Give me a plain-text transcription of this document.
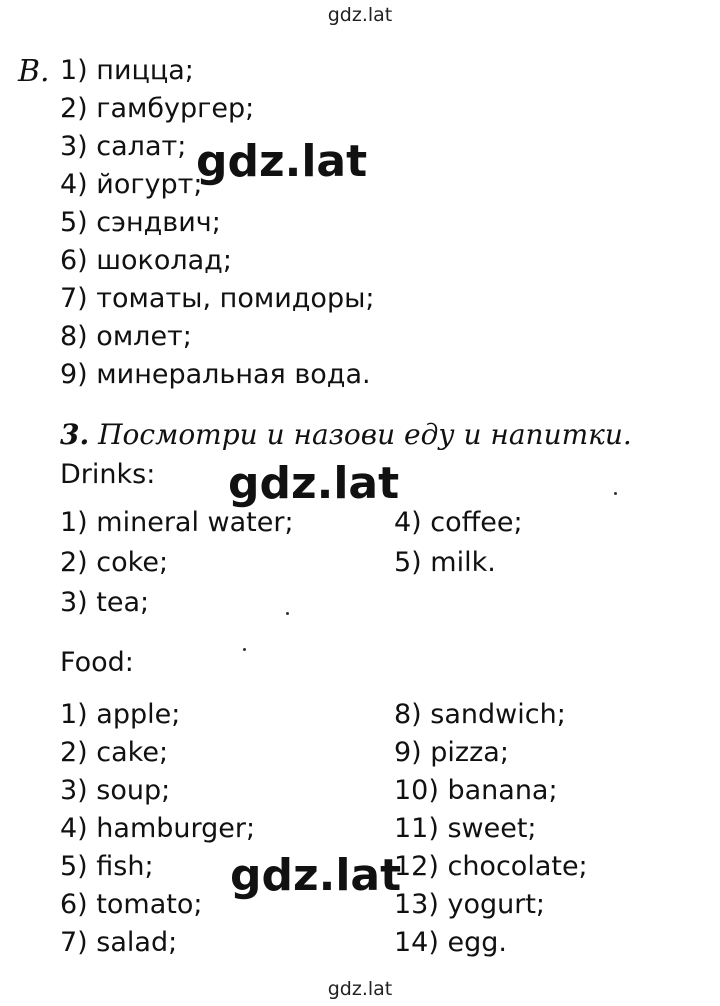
gdz.lat
B. 1) пицца;
2) гамбургер;
3) салат;
4) йогурт;
5) сэндвич;
6) шоколад;
7) томаты, помидоры;
8) омлет;
9) минеральная вода.
3. Посмотри и назови еду и напитки.
Drinks:
1) mineral water;
2) coke;
3) tea;
4) coffee;
5) milk.
Food:
1) apple;
2) cake;
3) soup;
4) hamburger;
5) fish;
6) tomato;
7) salad;
8) sandwich;
9) pizza;
10) banana;
11) sweet;
12) chocolate;
13) yogurt;
14) egg.
gdz.lat
gdz.lat
gdz.lat
gdz.lat
